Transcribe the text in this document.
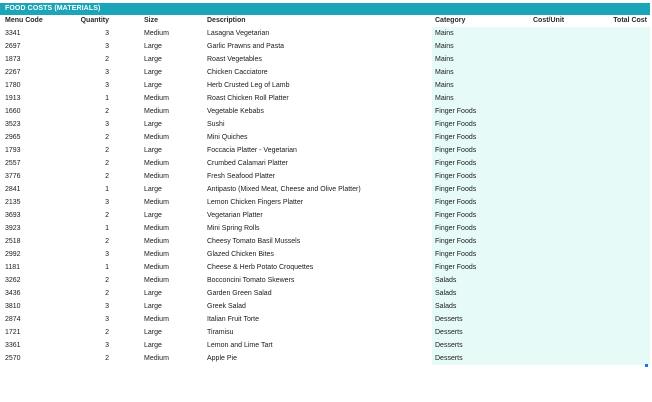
FOOD COSTS (MATERIALS)
Menu Code	Quantity	Size	Description	Category	Cost/Unit	Total Cost
3341	3	Medium	Lasagna Vegetarian	Mains
2697	3	Large	Garlic Prawns and Pasta	Mains
1873	2	Large	Roast Vegetables	Mains
2267	3	Large	Chicken Cacciatore	Mains
1780	3	Large	Herb Crusted Leg of Lamb	Mains
1913	1	Medium	Roast Chicken Roll Platter	Mains
1660	2	Medium	Vegetable Kebabs	Finger Foods
3523	3	Large	Sushi	Finger Foods
2965	2	Medium	Mini Quiches	Finger Foods
1793	2	Large	Foccacia Platter - Vegetarian	Finger Foods
2557	2	Medium	Crumbed Calamari Platter	Finger Foods
3776	2	Medium	Fresh Seafood Platter	Finger Foods
2841	1	Large	Antipasto (Mixed Meat, Cheese and Olive Platter)	Finger Foods
2135	3	Medium	Lemon Chicken Fingers Platter	Finger Foods
3693	2	Large	Vegetarian Platter	Finger Foods
3923	1	Medium	Mini Spring Rolls	Finger Foods
2518	2	Medium	Cheesy Tomato Basil Mussels	Finger Foods
2992	3	Medium	Glazed Chicken Bites	Finger Foods
1181	1	Medium	Cheese & Herb Potato Croquettes	Finger Foods
3262	2	Medium	Bocconcini Tomato Skewers	Salads
3436	2	Large	Garden Green Salad	Salads
3810	3	Large	Greek Salad	Salads
2874	3	Medium	Italian Fruit Torte	Desserts
1721	2	Large	Tiramisu	Desserts
3361	3	Large	Lemon and Lime Tart	Desserts
2570	2	Medium	Apple Pie	Desserts
